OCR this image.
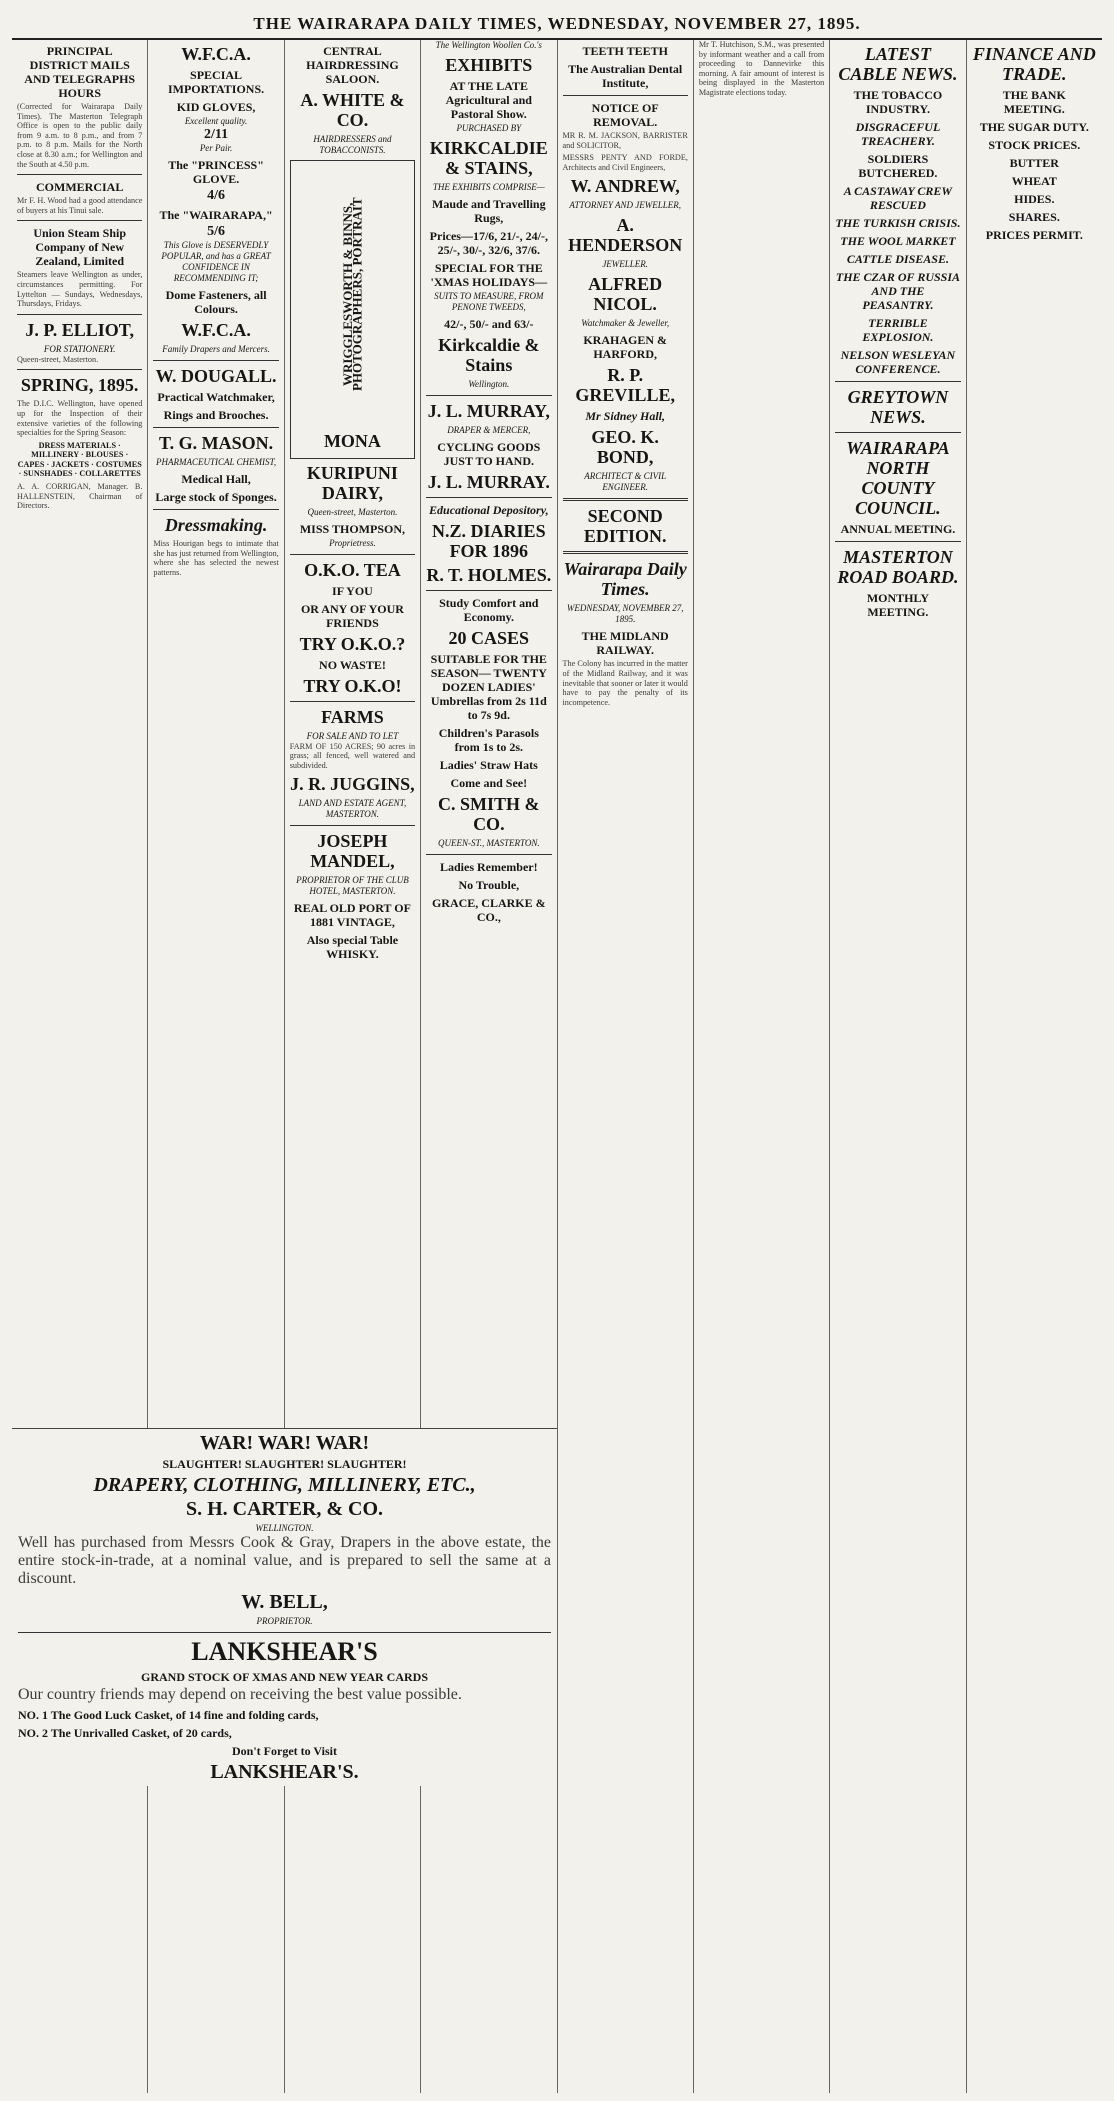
THE WAIRARAPA DAILY TIMES, WEDNESDAY, NOVEMBER 27, 1895.
PRINCIPAL DISTRICT MAILS AND TELEGRAPHS HOURS

(Corrected for Wairarapa Daily Times). The Masterton Telegraph Office is open to the public daily from 9 a.m. to 8 p.m., and from 7 p.m. to 8 p.m. Mails for the North close at 8.30 a.m.; for Wellington and the South at 4.50 p.m.

COMMERCIAL

Mr F. H. Wood had a good attendance of buyers at his Tinui sale.

Union Steam Ship Company of New Zealand, Limited

Steamers leave Wellington as under, circumstances permitting. For Lyttelton — Sundays, Wednesdays, Thursdays, Fridays.

J. P. ELLIOT,
FOR STATIONERY.

Queen-street, Masterton.

SPRING, 1895.

The D.I.C. Wellington, have opened up for the Inspection of their extensive varieties of the following specialties for the Spring Season:

DRESS MATERIALS · MILLINERY · BLOUSES · CAPES · JACKETS · COSTUMES · SUNSHADES · COLLARETTES

A. A. CORRIGAN, Manager. B. HALLENSTEIN, Chairman of Directors.

W.F.C.A.
SPECIAL IMPORTATIONS.
KID GLOVES,
Excellent quality.
2/11
Per Pair.
The "PRINCESS" GLOVE.
4/6
The "WAIRARAPA,"
5/6

This Glove is DESERVEDLY POPULAR, and has a GREAT CONFIDENCE IN RECOMMENDING IT;

Dome Fasteners, all Colours.
W.F.C.A.
Family Drapers and Mercers.
W. DOUGALL.
Practical Watchmaker,
Rings and Brooches.
T. G. MASON.
PHARMACEUTICAL CHEMIST,
Medical Hall,
Large stock of Sponges.
Dressmaking.

Miss Hourigan begs to intimate that she has just returned from Wellington, where she has selected the newest patterns.

CENTRAL HAIRDRESSING SALOON.
A. WHITE & CO.
HAIRDRESSERS and TOBACCONISTS.
WRIGGLESWORTH & BINNS, PHOTOGRAPHERS, PORTRAIT
MONA
KURIPUNI DAIRY,
Queen-street, Masterton.
MISS THOMPSON,
Proprietress.
O.K.O. TEA
IF YOU
OR ANY OF YOUR FRIENDS
TRY O.K.O.?
NO WASTE!
TRY O.K.O!
FARMS
FOR SALE AND TO LET

FARM OF 150 ACRES; 90 acres in grass; all fenced, well watered and subdivided.

J. R. JUGGINS,
LAND AND ESTATE AGENT, MASTERTON.
JOSEPH MANDEL,
PROPRIETOR OF THE CLUB HOTEL, MASTERTON.
REAL OLD PORT OF 1881 VINTAGE,
Also special Table WHISKY.
The Wellington Woollen Co.'s
EXHIBITS
AT THE LATE Agricultural and Pastoral Show.
PURCHASED BY
KIRKCALDIE & STAINS,
THE EXHIBITS COMPRISE—
Maude and Travelling Rugs,
Prices—17/6, 21/-, 24/-, 25/-, 30/-, 32/6, 37/6.
SPECIAL FOR THE 'XMAS HOLIDAYS—
SUITS TO MEASURE, FROM PENONE TWEEDS,
42/-, 50/- and 63/-
Kirkcaldie & Stains
Wellington.
J. L. MURRAY,
DRAPER & MERCER,
CYCLING GOODS JUST TO HAND.
J. L. MURRAY.
Educational Depository,
N.Z. DIARIES FOR 1896
R. T. HOLMES.
Study Comfort and Economy.
20 CASES
SUITABLE FOR THE SEASON— TWENTY DOZEN LADIES' Umbrellas from 2s 11d to 7s 9d.
Children's Parasols from 1s to 2s.
Ladies' Straw Hats
Come and See!
C. SMITH & CO.
QUEEN-ST., MASTERTON.
Ladies Remember!
No Trouble,
GRACE, CLARKE & CO.,
TEETH TEETH
The Australian Dental Institute,
NOTICE OF REMOVAL.

MR R. M. JACKSON, BARRISTER and SOLICITOR,

MESSRS PENTY AND FORDE, Architects and Civil Engineers,

W. ANDREW,
ATTORNEY AND JEWELLER,
A. HENDERSON
JEWELLER.
ALFRED NICOL.
Watchmaker & Jeweller,
KRAHAGEN & HARFORD,
R. P. GREVILLE,
Mr Sidney Hall,
GEO. K. BOND,
ARCHITECT & CIVIL ENGINEER.
SECOND EDITION.
Wairarapa Daily Times.
WEDNESDAY, NOVEMBER 27, 1895.
THE MIDLAND RAILWAY.

The Colony has incurred in the matter of the Midland Railway, and it was inevitable that sooner or later it would have to pay the penalty of its incompetence.

Mr T. Hutchison, S.M., was presented by informant weather and a call from proceeding to Dannevirke this morning. A fair amount of interest is being displayed in the Masterton Magistrate elections today.

LATEST CABLE NEWS.
THE TOBACCO INDUSTRY.
DISGRACEFUL TREACHERY.
SOLDIERS BUTCHERED.
A CASTAWAY CREW RESCUED
THE TURKISH CRISIS.
THE WOOL MARKET
CATTLE DISEASE.
THE CZAR OF RUSSIA AND THE PEASANTRY.
TERRIBLE EXPLOSION.
NELSON WESLEYAN CONFERENCE.
GREYTOWN NEWS.
WAIRARAPA NORTH COUNTY COUNCIL.
ANNUAL MEETING.
MASTERTON ROAD BOARD.
MONTHLY MEETING.
FINANCE AND TRADE.
THE BANK MEETING.
THE SUGAR DUTY.
STOCK PRICES.
BUTTER
WHEAT
HIDES.
SHARES.
PRICES PERMIT.
WAR! WAR! WAR!
SLAUGHTER! SLAUGHTER! SLAUGHTER!
DRAPERY, CLOTHING, MILLINERY, ETC.,
S. H. CARTER, & CO.
WELLINGTON.

Well has purchased from Messrs Cook & Gray, Drapers in the above estate, the entire stock-in-trade, at a nominal value, and is prepared to sell the same at a discount.

W. BELL,
PROPRIETOR.
LANKSHEAR'S
GRAND STOCK OF XMAS AND NEW YEAR CARDS

Our country friends may depend on receiving the best value possible.

NO. 1 The Good Luck Casket, of 14 fine and folding cards,
NO. 2 The Unrivalled Casket, of 20 cards,
Don't Forget to Visit
LANKSHEAR'S.
